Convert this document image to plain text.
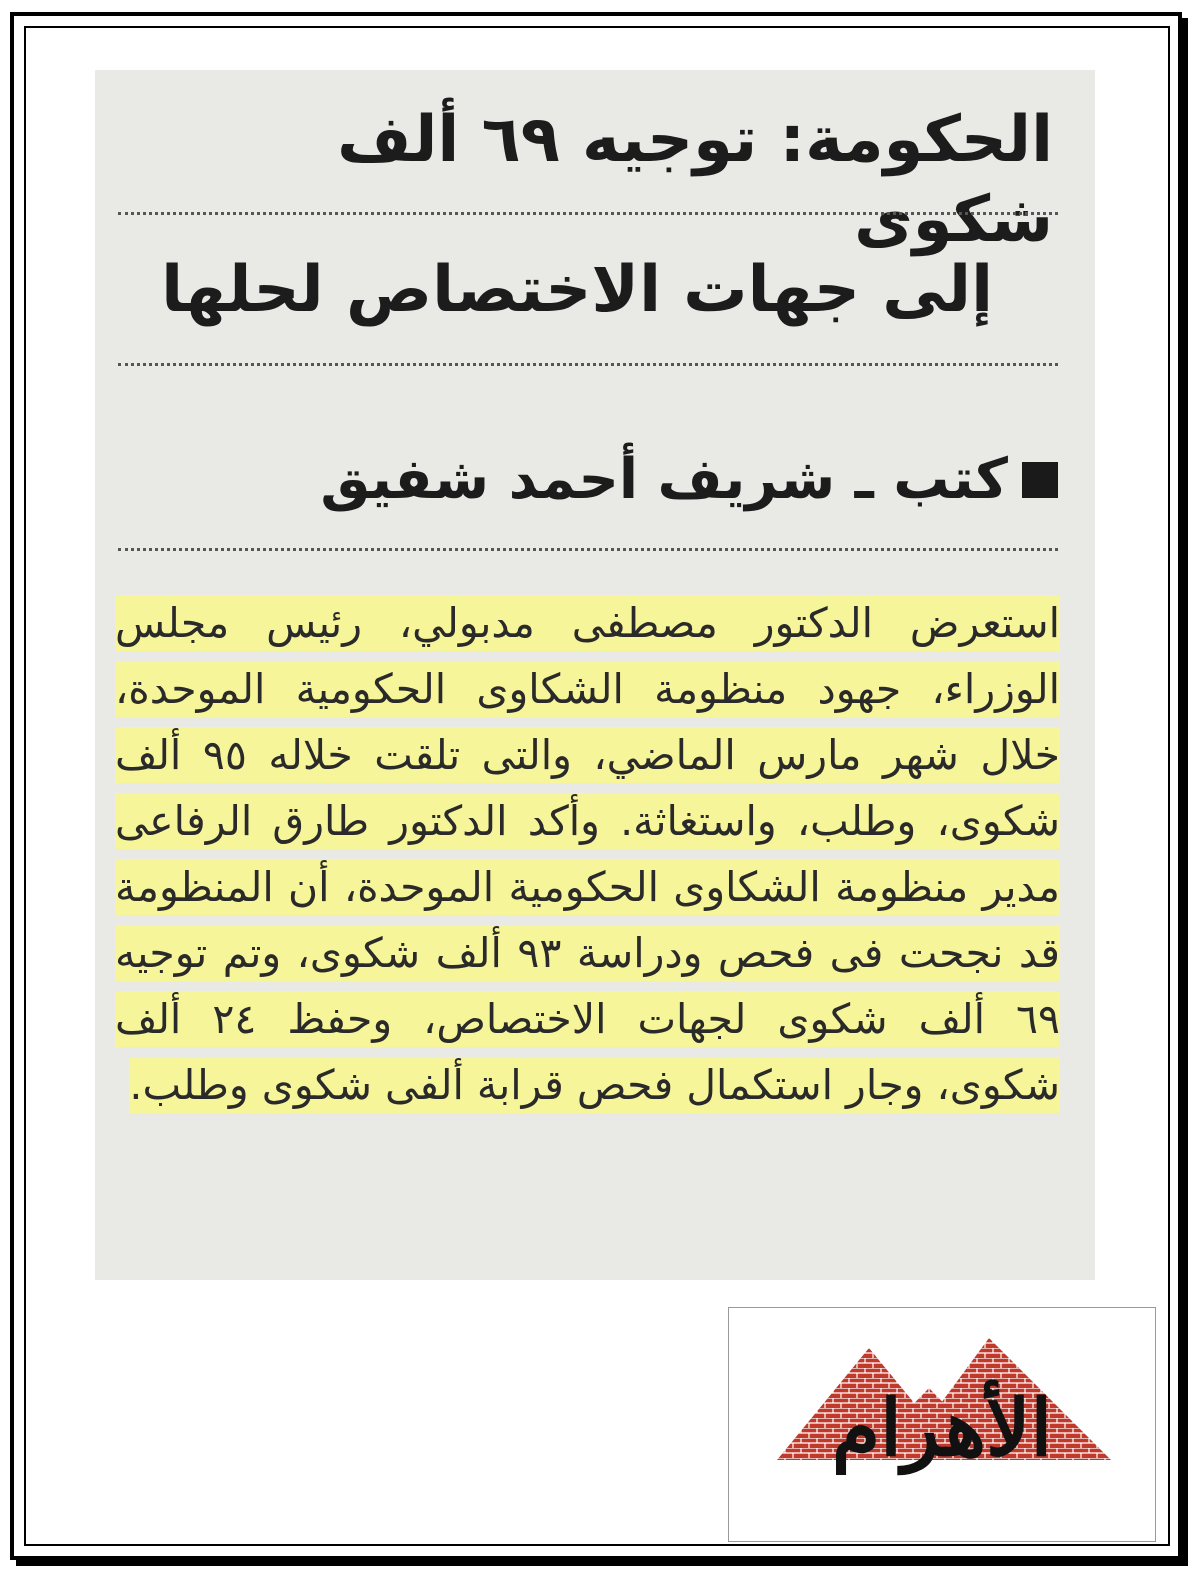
الحكومة: توجيه ٦٩ ألف شكوى
إلى جهات الاختصاص لحلها
كتب ـ شريف أحمد شفيق
استعرض الدكتور مصطفى مدبولي، رئيس مجلس الوزراء، جهود منظومة الشكاوى الحكومية الموحدة، خلال شهر مارس الماضي، والتى تلقت خلاله ٩٥ ألف شكوى، وطلب، واستغاثة. وأكد الدكتور طارق الرفاعى مدير منظومة الشكاوى الحكومية الموحدة، أن المنظومة قد نجحت فى فحص ودراسة ٩٣ ألف شكوى، وتم توجيه ٦٩ ألف شكوى لجهات الاختصاص، وحفظ ٢٤ ألف شكوى، وجار استكمال فحص قرابة ألفى شكوى وطلب.
الأهرام
